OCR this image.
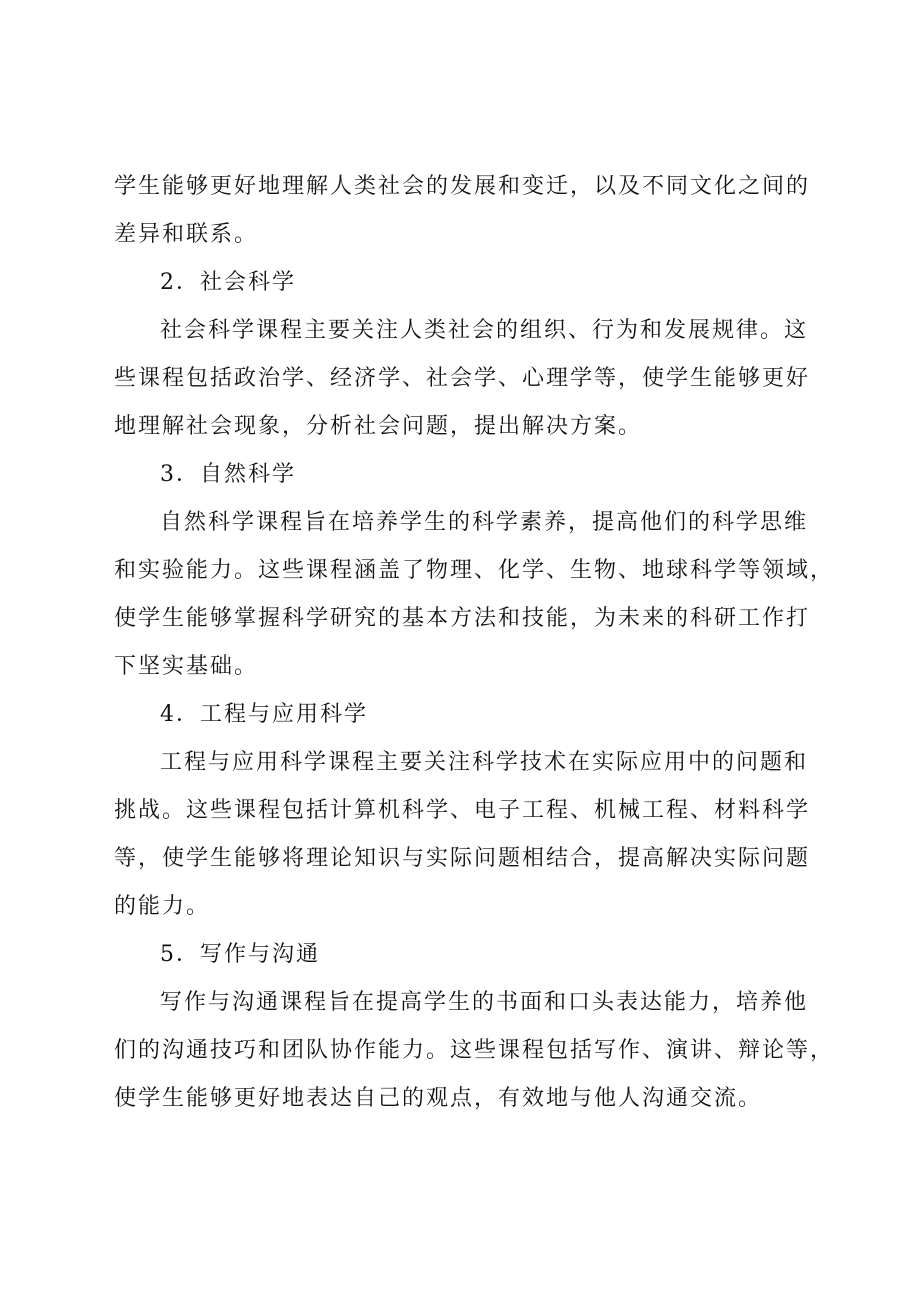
学生能够更好地理解人类社会的发展和变迁，以及不同文化之间的
差异和联系。
2．社会科学
社会科学课程主要关注人类社会的组织、行为和发展规律。这
些课程包括政治学、经济学、社会学、心理学等，使学生能够更好
地理解社会现象，分析社会问题，提出解决方案。
3．自然科学
自然科学课程旨在培养学生的科学素养，提高他们的科学思维
和实验能力。这些课程涵盖了物理、化学、生物、地球科学等领域，
使学生能够掌握科学研究的基本方法和技能，为未来的科研工作打
下坚实基础。
4．工程与应用科学
工程与应用科学课程主要关注科学技术在实际应用中的问题和
挑战。这些课程包括计算机科学、电子工程、机械工程、材料科学
等，使学生能够将理论知识与实际问题相结合，提高解决实际问题
的能力。
5．写作与沟通
写作与沟通课程旨在提高学生的书面和口头表达能力，培养他
们的沟通技巧和团队协作能力。这些课程包括写作、演讲、辩论等，
使学生能够更好地表达自己的观点，有效地与他人沟通交流。
